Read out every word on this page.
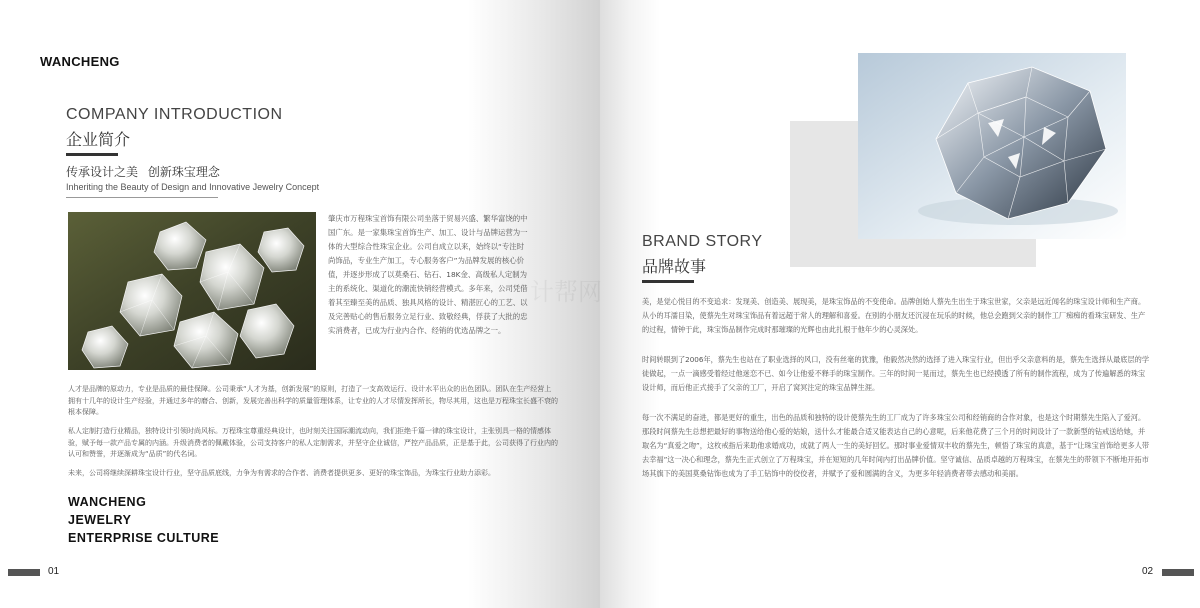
WANCHENG
COMPANY INTRODUCTION
企业简介
传承设计之美 创新珠宝理念
Inheriting the Beauty of Design and Innovative Jewelry Concept
肇庆市万程珠宝首饰有限公司坐落于贸易兴盛、繁华富饶的中国广东。是一家集珠宝首饰生产、加工、设计与品牌运营为一体的大型综合性珠宝企业。公司自成立以来，始终以“专注时尚饰品，专业生产加工，专心服务客户”为品牌发展的核心价值，并逐步形成了以莫桑石、钻石、18K金、高级私人定制为主的系统化、渠道化的潮流快销经营模式。多年来，公司凭借着其至臻至美的品质、独具风格的设计、精湛匠心的工艺、以及完善贴心的售后服务立足行业、致敬经典，俘获了大批的忠实消费者，已成为行业内合作、经销的优选品牌之一。
人才是品牌的原动力，专业是品质的最佳保障。公司秉承“人才为基，创新发展”的原则，打造了一支高效运行、设计水平出众的出色团队。团队在生产经营上拥有十几年的设计生产经验，并通过多年的磨合、创新，发展完善出科学的质量管理体系，让专业的人才尽情发挥所长，物尽其用，这也是万程珠宝长盛不衰的根本保障。
私人定制打造行业精品，独特设计引领时尚风标。万程珠宝尊重经典设计，也时刻关注国际潮流动向，我们拒绝千篇一律的珠宝设计，主张别具一格的情感体验，赋予每一款产品专属的内涵。升级消费者的佩戴体验，公司支持客户的私人定制需求，并坚守企业诚信，严控产品品质，正是基于此，公司获得了行业内的认可和赞誉，并逐渐成为“品质”的代名词。
未来，公司将继续深耕珠宝设计行业，坚守品质底线，力争为有需求的合作者、消费者提供更多、更好的珠宝饰品，为珠宝行业助力添彩。
WANCHENG
JEWELRY
ENTERPRISE CULTURE
01
BRAND STORY
品牌故事
美，是觉心悦目的不变追求：发现美、创造美、展现美，是珠宝饰品的不变使命。品牌创始人蔡先生出生于珠宝世家，父亲是远近闻名的珠宝设计师和生产商。从小的耳濡目染，使蔡先生对珠宝饰品有着远超于常人的理解和喜爱。在别的小朋友还沉浸在玩乐的时候，他总会跑到父亲的制作工厂痴痴的看珠宝研发、生产的过程，情钟于此，珠宝饰品制作完成时那璀璨的光辉也由此扎根于他年少的心灵深处。
时间转眼到了2006年，蔡先生也站在了职业选择的风口，没有丝毫的犹豫，他毅然决然的选择了进入珠宝行业，但出乎父亲意料的是，蔡先生选择从最底层的学徒做起，一点一滴感受着经过他迷恋不已、如今让他爱不释手的珠宝制作。三年的时间一晃而过，蔡先生也已经摸透了所有的制作流程，成为了传遍解悉的珠宝设计师，而后他正式接手了父亲的工厂，开启了窝冥注定的珠宝品牌生涯。
每一次不满足的奋进，都是更好的重生，出色的品质和独特的设计使蔡先生的工厂成为了许多珠宝公司和经销商的合作对象，也是这个时期蔡先生陷入了爱河。那段时间蔡先生总想把最好的事物送给他心爱的姑娘，送什么才能最合适又能表达自己的心意呢，后来他花费了三个月的时间设计了一款新型的钻戒送给她，并取名为“真爱之吻”，这枚戒指后来助他求婚成功，成就了两人一生的美好回忆。那时事业爱情双丰收的蔡先生，顿悟了珠宝的真意，基于“让珠宝首饰给更多人带去幸福”这一决心和理念，蔡先生正式创立了万程珠宝，并在短短的几年时间内打出品牌价值。坚守诚信、品质卓越的万程珠宝，在蔡先生的带领下不断地开拓市场其旗下的美国莫桑钻饰也成为了手工钻饰中的佼佼者，并赋予了爱和圆满的含义，为更多年轻消费者带去感动和美丽。
02
计帮网
